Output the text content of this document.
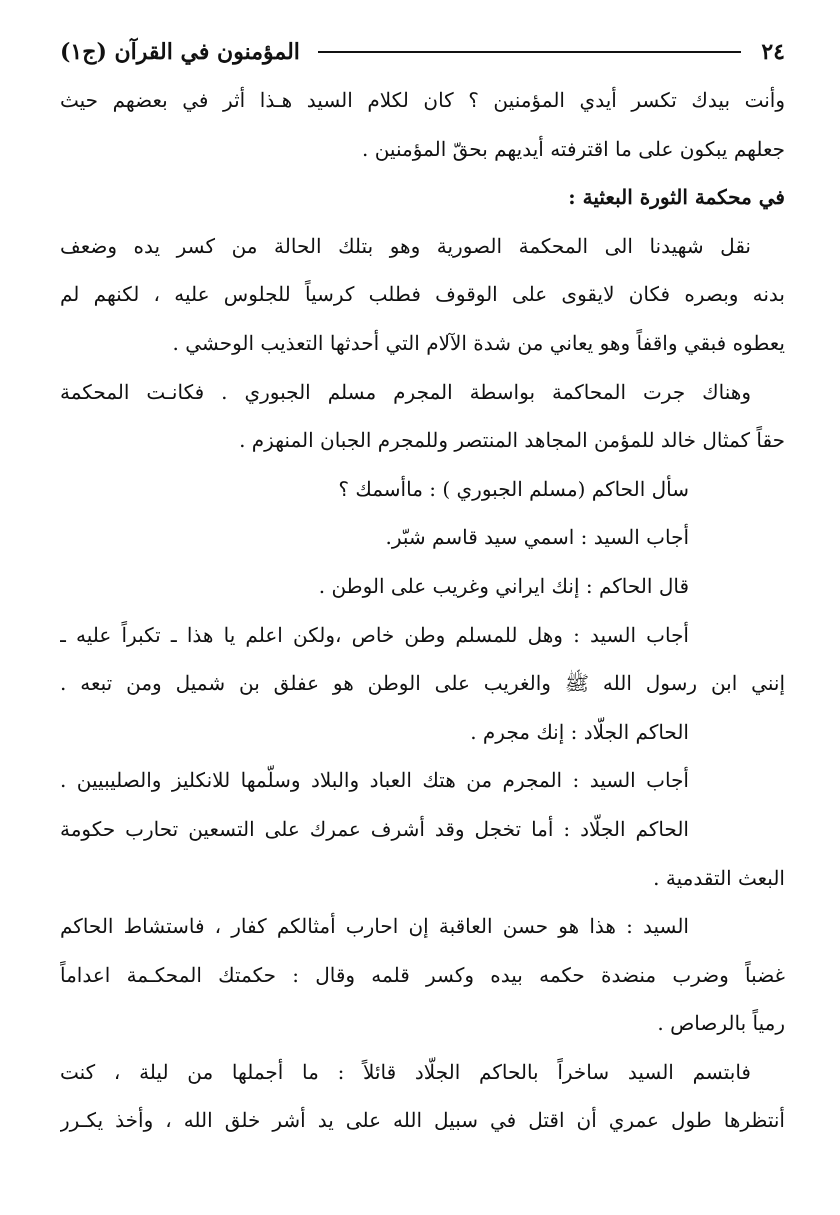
٢٤
المؤمنون في القرآن (ج١)
وأنت بيدك تكسر أيدي المؤمنين ؟ كان لكلام السيد هـذا أثر في بعضهم حيث
جعلهم يبكون على ما اقترفته أيديهم بحقّ المؤمنين .
في محكمة الثورة البعثية :
نقل شهيدنا الى المحكمة الصورية وهو بتلك الحالة من كسر يده وضعف
بدنه وبصره فكان لايقوى على الوقوف فطلب كرسياً للجلوس عليه ، لكنهم لم
يعطوه فبقي واقفاً وهو يعاني من شدة الآلام التي أحدثها التعذيب الوحشي .
وهناك جرت المحاكمة بواسطة المجرم مسلم الجبوري . فكانـت المحكمة
حقاً كمثال خالد للمؤمن المجاهد المنتصر وللمجرم الجبان المنهزم .
سأل الحاكم (مسلم الجبوري ) : ماأسمك ؟
أجاب السيد : اسمي سيد قاسم شبّر.
قال الحاكم : إنك ايراني وغريب على الوطن .
أجاب السيد : وهل للمسلم وطن خاص ،ولكن اعلم يا هذا ـ تكبراً عليه ـ
إنني ابن رسول الله ﷺ والغريب على الوطن هو عفلق بن شميل ومن تبعه .
الحاكم الجلّاد : إنك مجرم .
أجاب السيد : المجرم من هتك العباد والبلاد وسلّمها للانكليز والصليبيين .
الحاكم الجلّاد : أما تخجل وقد أشرف عمرك على التسعين تحارب حكومة
البعث التقدمية .
السيد : هذا هو حسن العاقبة إن احارب أمثالكم كفار ، فاستشاط الحاكم
غضباً وضرب منضدة حكمه بيده وكسر قلمه وقال : حكمتك المحكـمة اعداماً
رمياً بالرصاص .
فابتسم السيد ساخراً بالحاكم الجلّاد قائلاً : ما أجملها من ليلة ، كنت
أنتظرها طول عمري أن اقتل في سبيل الله على يد أشر خلق الله ، وأخذ يكـرر
